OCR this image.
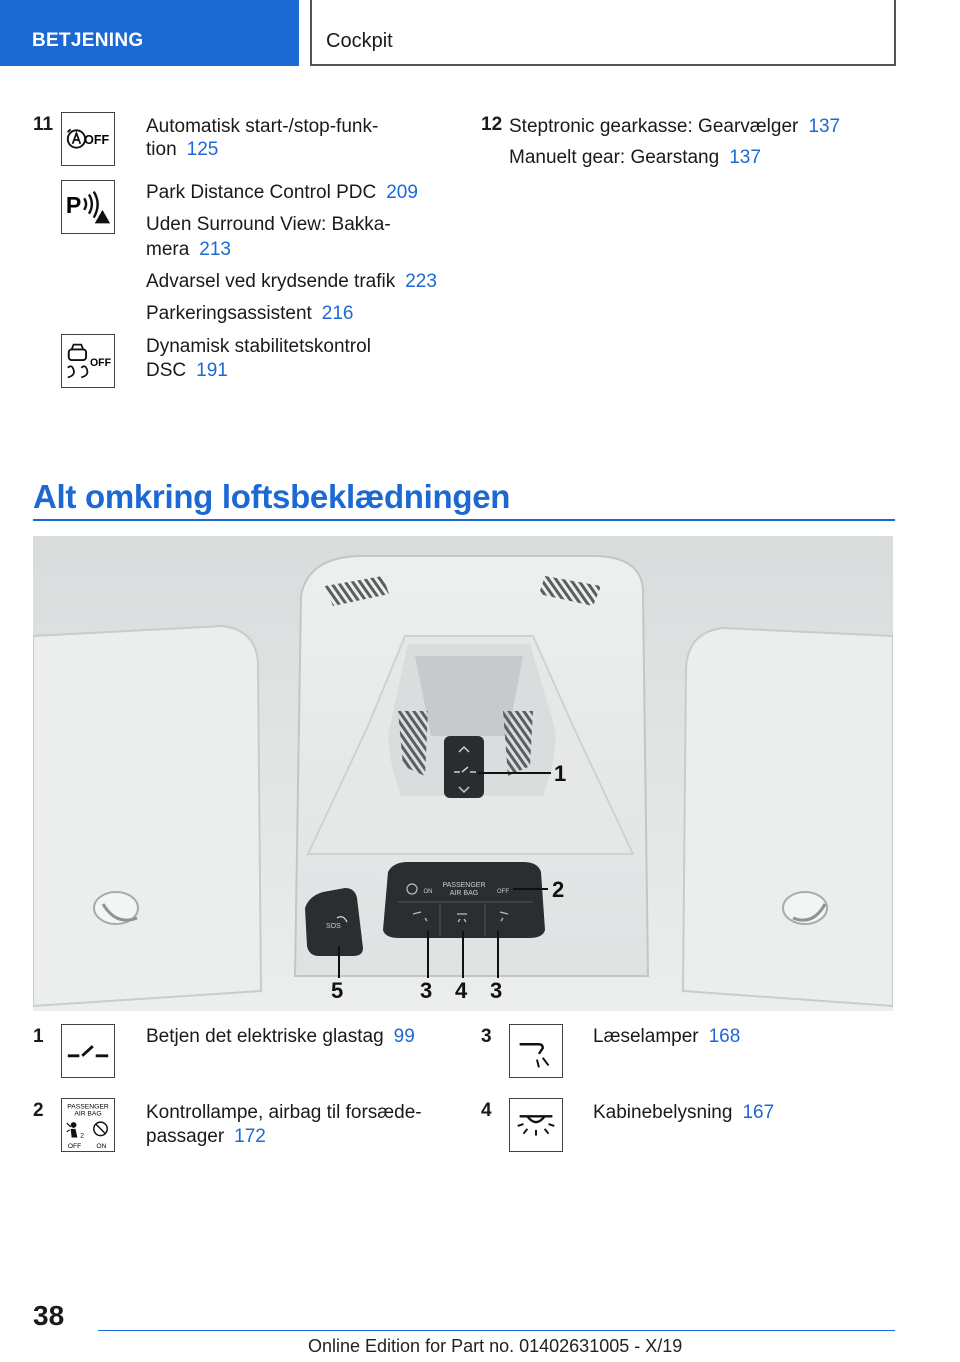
BETJENING	Cockpit
11
OFF
Automatisk start-/stop-funk-
tion 125
P	Park Distance Control PDC 209
Uden Surround View: Bakka-
mera 213
Advarsel ved krydsende trafik 223
Parkeringsassistent 216
OFF
Dynamisk stabilitetskontrol
DSC 191
12 Steptronic gearkasse: Gearvælger 137
Manuelt gear: Gearstang 137
Alt omkring loftsbeklædningen
PASSENGER
AIR BAG
ON	OFF
SOS
1
2
5	3 4 3
1	Betjen det elektriske glastag 99
2	PASSENGER
AIR BAG
2
OFF ON
Kontrollampe, airbag til forsæde-
passager 172
3	Læselamper 168
4	Kabinebelysning 167
38
Online Edition for Part no. 01402631005 - X/19
